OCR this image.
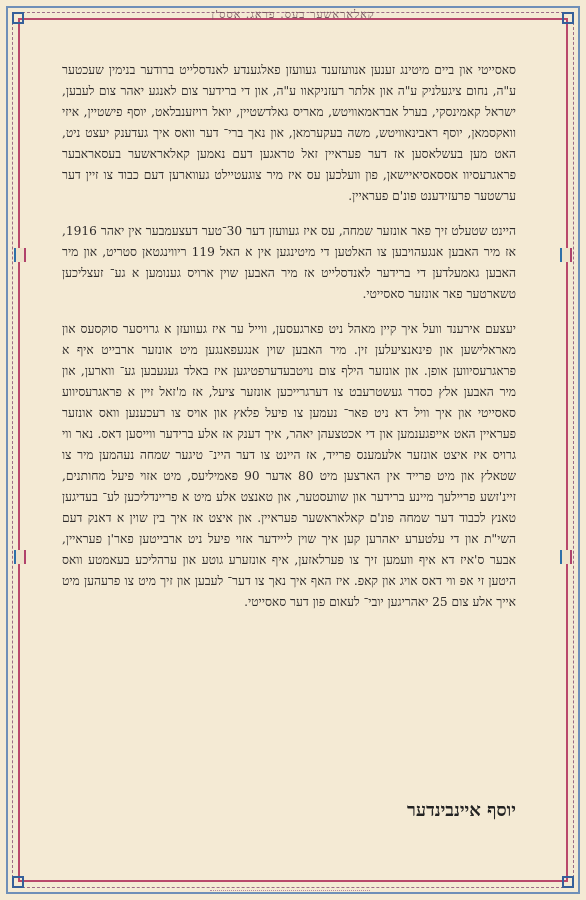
קאלאראשער בעס. פראג. אסס'ן

סאסייטי און ביים מיטינג זענען אנוועזענד געוועזן פאלגענדע לאנדסלייט ברודער בנימין שעכטער ע"ה, נחום ציגעלניק ע"ה און אלתר רעזניקאוו ע"ה, און די ברידער צום לאנגע יאהר צום לעבען, ישראל קאמינסקי, בערל אבראמאוויטש, מאריס גאלדשטיין, יואל רויזענבלאט, יוסף פישטיין, איזי וואקסמאן, יוסף ראבינאוויטש, משה בעקערמאן, און נאך ברי־ דער וואס איך געדענק יעצט ניט, האט מען בעשלאסען אז דער פעראיין זאל טראגען דעם נאמען קאלאראשער בעסאראבער פראגרעסיוו אססאסיאיישאן, פון וועלכען עס איז מיר צוגעטיילט געווארען דעם כבוד צו זיין דער ערשטער פרעזידענט פונ'ם פעראיין.

היינט שטעלט זיך פאר אונזער שמחה, עס איז געוועזן דער 30־טער דעצעמבער אין יאהר 1916, אז מיר האבען אנגעהויבען צו האלטען די מיטינגען אין א האל 119 ריווינגטאן סטריט, און מיר האבען גאמעלדען די ברידער לאנדסלייט אז מיר האבען שוין ארויס גענומען א גע־ זעצליכען טשארטער פאר אונזער סאסייטי.

יעצעם אירענד וועל איך קיין מאהל ניט פארגעסען, ווייל ער איז געוועזן א גרויסער סוקסעס און מאראלישען און פינאנציעלען זין. מיר האבען שוין אנגעפאנגען מיט אונזער ארבייט איף א פראגרעסיווען אופן. און אונזער הילף צום נויטבעדערפטיגען איז באלד געגעבען גע־ ווארען, און מיר האבען אלץ כסדר געשטרעבט צו דערגרייכען אונזער ציעל, אז מ'זאל זיין א פראגרעסיווע סאסייטי און איך וויל דא ניט פאר־ נעמען צו פיעל פלאץ און אויס צו רעכענען וואס אונזער פעראיין האט אייפגענמען און די אכטצעהן יאהר, איך דענק אז אלע ברידער ווייסען דאס. נאר ווי גרויס איז איצט אונזער אלעמענס פרייד, אז היינט צו דער היינ־ טיגער שמחה נעהמען מיר צו שטאלץ און מיט פרייד אין הארצען מיט 80 אדער 90 פאמיליעס, מיט אזוי פיעל מחותנים, זיינ'זשע פריילעך מיינע ברידער און שוועסטער, און טאנצט אלע מיט א פריינדליכען לע־ בעדיגען טאנץ לכבוד דער שמחה פונ'ם קאלאראשער פעראיין. און איצט אז איך בין שוין א דאנק דעם השי"ת און די עלטערע יאהרען קען איך שוין לייידער אזוי פיעל ניט ארבייטען פאר'ן פעראיין, אבער ס'איז דא איף וועמען זיך צו פערלאזען, איף אונזערע גוטע און ערהליכע בעאמטע וואס היטען זי אפ ווי דאס אויג און קאפ. איז האף איך נאך צו דער־ לעבען און זיך מיט צו פרעהען מיט אייך אלע צום 25 יאהריגען יובי־ לעאום פון דער סאסייטי.

יוסף איינבינדער
